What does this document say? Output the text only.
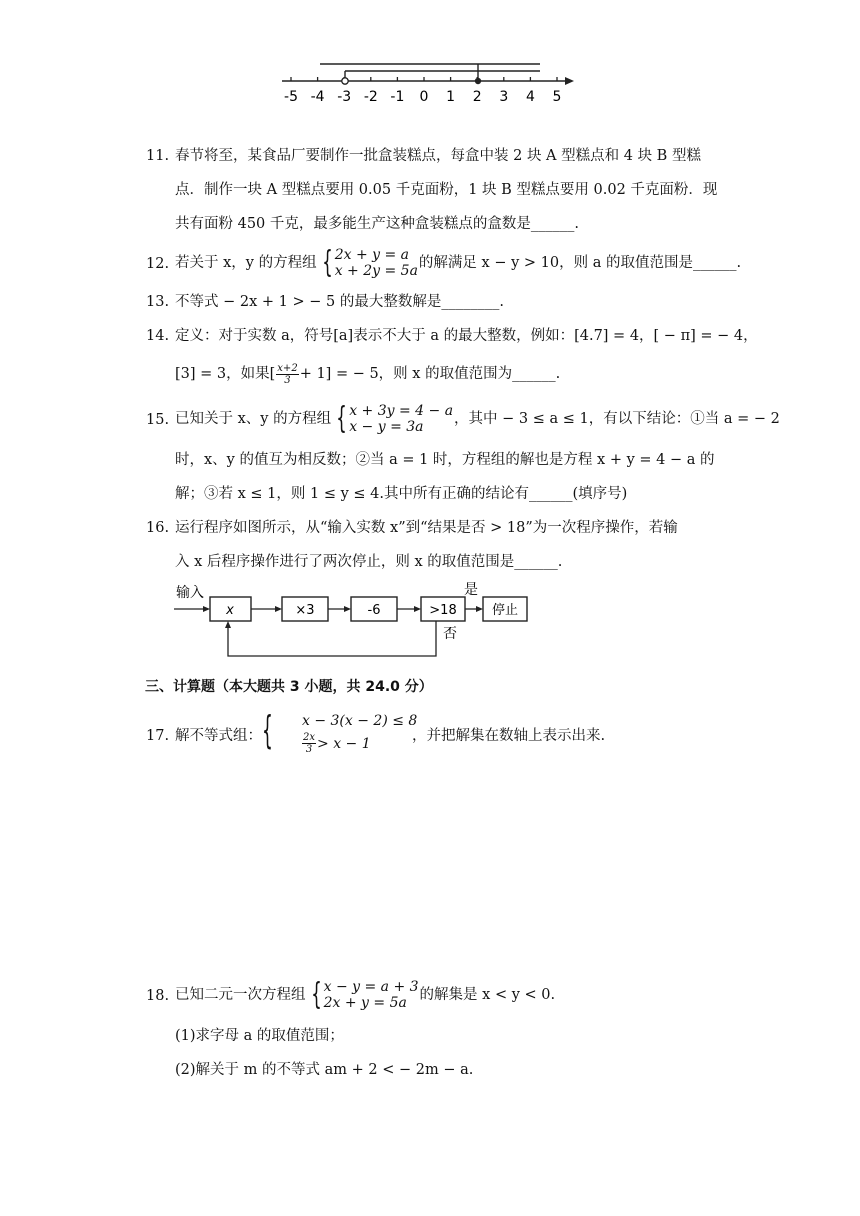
-5 -4 -3 -2 -1 0 1 2 3 4 5
11. 春节将至，某食品厂要制作一批盒装糕点，每盒中装 2 块 A 型糕点和 4 块 B 型糕
点．制作一块 A 型糕点要用 0.05 千克面粉，1 块 B 型糕点要用 0.02 千克面粉．现
共有面粉 450 千克，最多能生产这种盒装糕点的盒数是______.
12. 若关于 x，y 的方程组 { 2x + y = a
x + 2y = 5a 的解满足 x − y > 10，则 a 的取值范围是______.
13. 不等式 − 2x + 1 > − 5 的最大整数解是________.
14. 定义：对于实数 a，符号[a]表示不大于 a 的最大整数，例如：[4.7] = 4，[ − π] = − 4，
[3] = 3，如果[ $\frac{x+2}{3} + 1$] = − 5，则 x 的取值范围为______.
15. 已知关于 x、y 的方程组 { x + 3y = 4 − a
x − y = 3a	，其中 − 3 ≤ a ≤ 1，有以下结论：①当 a = − 2
时，x、y 的值互为相反数；②当 a = 1 时，方程组的解也是方程 x + y = 4 − a 的
解；③若 x ≤ 1，则 1 ≤ y ≤ 4.其中所有正确的结论有______(填序号)
16. 运行程序如图所示，从“输入实数 x”到“结果是否 > 18”为一次程序操作，若输
入 x 后程序操作进行了两次停止，则 x 的取值范围是______.
输入
x	×3	-6	>18
是
停止
否
三、计算题（本大题共 3 小题，共 24.0 分）
17. 解不等式组： { x − 3(x − 2) ≤ 8
$\frac{2x}{3} > x - 1$	，并把解集在数轴上表示出来.
18. 已知二元一次方程组 { x − y = a + 3
2x + y = 5a 的解集是 x < y < 0.
(1)求字母 a 的取值范围；
(2)解关于 m 的不等式 am + 2 < − 2m − a.
